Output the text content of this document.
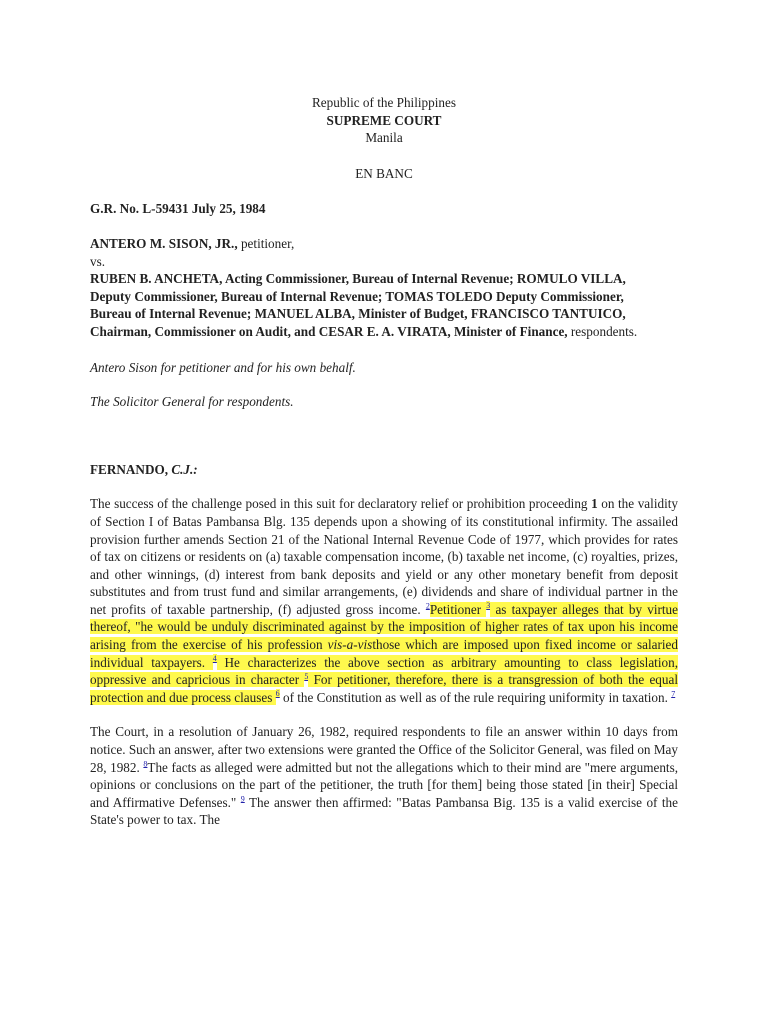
Republic of the Philippines
SUPREME COURT
Manila
EN BANC

G.R. No. L-59431 July 25, 1984

ANTERO M. SISON, JR., petitioner,
vs.
RUBEN B. ANCHETA, Acting Commissioner, Bureau of Internal Revenue; ROMULO VILLA, Deputy Commissioner, Bureau of Internal Revenue; TOMAS TOLEDO Deputy Commissioner, Bureau of Internal Revenue; MANUEL ALBA, Minister of Budget, FRANCISCO TANTUICO, Chairman, Commissioner on Audit, and CESAR E. A. VIRATA, Minister of Finance, respondents.

Antero Sison for petitioner and for his own behalf.

The Solicitor General for respondents.

FERNANDO, C.J.:

The success of the challenge posed in this suit for declaratory relief or prohibition proceeding 1 on the validity of Section I of Batas Pambansa Blg. 135 depends upon a showing of its constitutional infirmity. The assailed provision further amends Section 21 of the National Internal Revenue Code of 1977, which provides for rates of tax on citizens or residents on (a) taxable compensation income, (b) taxable net income, (c) royalties, prizes, and other winnings, (d) interest from bank deposits and yield or any other monetary benefit from deposit substitutes and from trust fund and similar arrangements, (e) dividends and share of individual partner in the net profits of taxable partnership, (f) adjusted gross income. $^2$Petitioner $^3$ as taxpayer alleges that by virtue thereof, "he would be unduly discriminated against by the imposition of higher rates of tax upon his income arising from the exercise of his profession vis-a-visthose which are imposed upon fixed income or salaried individual taxpayers. $^4$ He characterizes the above section as arbitrary amounting to class legislation, oppressive and capricious in character $^5$ For petitioner, therefore, there is a transgression of both the equal protection and due process clauses $^6$ of the Constitution as well as of the rule requiring uniformity in taxation. $^7$

The Court, in a resolution of January 26, 1982, required respondents to file an answer within 10 days from notice. Such an answer, after two extensions were granted the Office of the Solicitor General, was filed on May 28, 1982. $^8$The facts as alleged were admitted but not the allegations which to their mind are "mere arguments, opinions or conclusions on the part of the petitioner, the truth [for them] being those stated [in their] Special and Affirmative Defenses." $^9$ The answer then affirmed: "Batas Pambansa Big. 135 is a valid exercise of the State's power to tax. The
